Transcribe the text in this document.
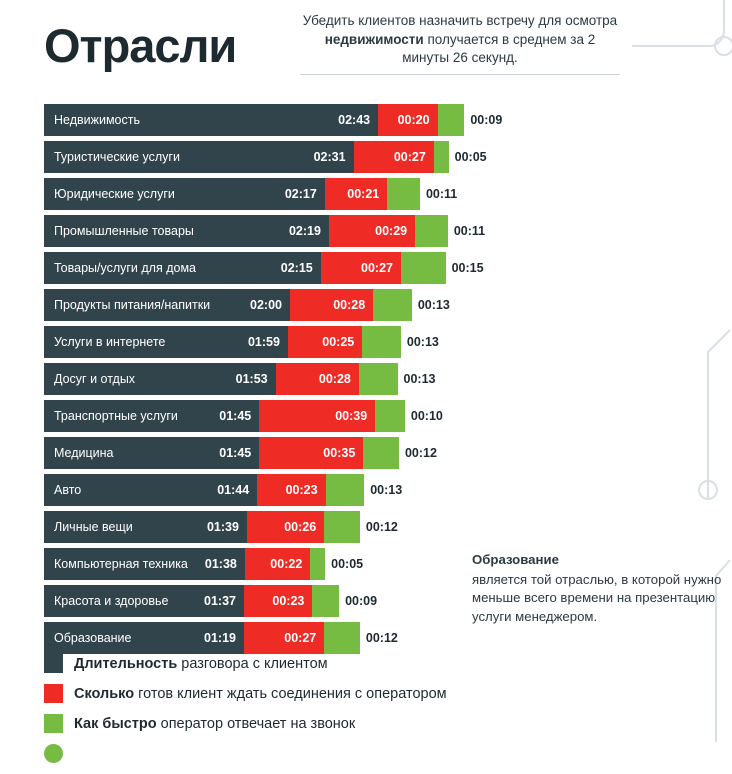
Отрасли	Убедить клиентов назначить встречу для осмотра недвижимости получается в среднем за 2 минуты 26 секунд.
Недвижимость	02:43 00:20	00:09
Туристические услуги	02:31	00:27	00:05
Юридические услуги	02:17 00:21	00:11
Промышленные товары	02:19	00:29	00:11
Товары/услуги для дома	02:15	00:27	00:15
Продукты питания/напитки	02:00	00:28	00:13
Услуги в интернете	01:59	00:25	00:13
Досуг и отдых	01:53	00:28	00:13
Транспортные услуги	01:45	00:39	00:10
Медицина	01:45	00:35	00:12
Авто	01:44	00:23	00:13
Личные вещи	01:39	00:26	00:12
Компьютерная техника 01:38	00:22	00:05
Красота и здоровье	01:37	00:23	00:09
Образование	01:19	00:27	00:12
Образование
является той отраслью, в которой нужно меньше всего времени на презентацию услуги менеджером.
Длительность разговора с клиентом
Сколько готов клиент ждать соединения с оператором
Как быстро оператор отвечает на звонок
